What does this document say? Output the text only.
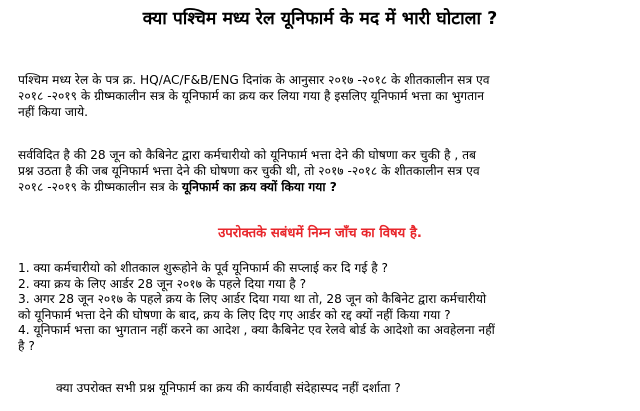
क्या पश्चिम मध्य रेल यूनिफार्म के मद में भारी घोटाला ?
पश्चिम मध्य रेल के पत्र क्र. HQ/AC/F&B/ENG दिनांक के आनुसार २०१७ -२०१८ के शीतकालीन सत्र एव
२०१८ -२०१९ के ग्रीष्मकालीन सत्र के यूनिफार्म का क्रय कर लिया गया है इसलिए यूनिफार्म भत्ता का भुगतान
नहीं किया जाये.
सर्वविदित है की 28 जून को कैबिनेट द्वारा कर्मचारीयो को यूनिफार्म भत्ता देने की घोषणा कर चुकी है , तब
प्रश्न उठता है की जब यूनिफार्म भत्ता देने की घोषणा कर चुकी थी, तो २०१७ -२०१८ के शीतकालीन सत्र एव
२०१८ -२०१९ के ग्रीष्मकालीन सत्र के यूनिफार्म का क्रय क्यों किया गया ?
उपरोक्तके सबंधमें निम्न जाँच का विषय है.
1. क्या कर्मचारीयो को शीतकाल शुरूहोने के पूर्व यूनिफार्म की सप्लाई कर दि गई है ?
2. क्या क्रय के लिए आर्डर 28 जून २०१७ के पहले दिया गया है ?
3. अगर 28 जून २०१७ के पहले क्रय के लिए आर्डर दिया गया था तो, 28 जून को कैबिनेट द्वारा कर्मचारीयो
को यूनिफार्म भत्ता देने की घोषणा के बाद, क्रय के लिए दिए गए आर्डर को रद्द क्यों नहीं किया गया ?
4. यूनिफार्म भत्ता का भुगतान नहीं करने का आदेश , क्या कैबिनेट एव रेलवे बोर्ड के आदेशो का अवहेलना नहीं
है ?
क्या उपरोक्त सभी प्रश्न यूनिफार्म का क्रय की कार्यवाही संदेहास्पद नहीं दर्शाता ?
